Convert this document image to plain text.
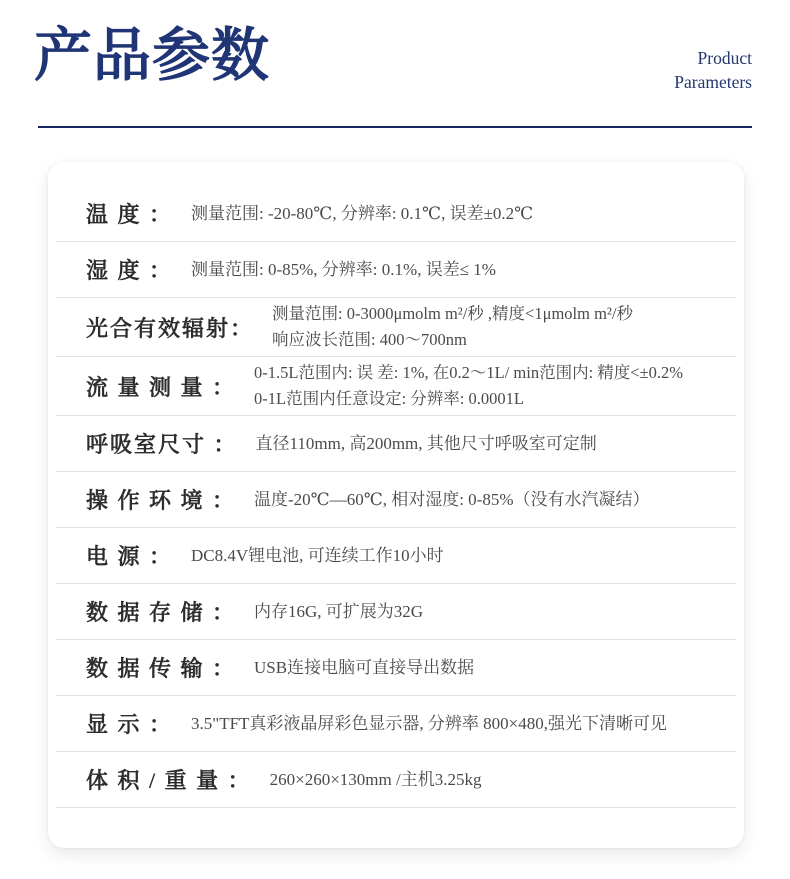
产品参数	Product
Parameters
温 度 ： 测量范围: -20-80℃, 分辨率: 0.1℃, 误差±0.2℃
湿 度 ： 测量范围: 0-85%, 分辨率: 0.1%, 误差≤ 1%
光合有效辐射：
测量范围: 0-3000μmolm m²/秒 ,精度<1μmolm m²/秒
响应波长范围: 400～700nm
流 量 测 量 ：
0-1.5L范围内: 误 差: 1%, 在0.2～1L/ min范围内: 精度<±0.2%
0-1L范围内任意设定: 分辨率: 0.0001L
呼吸室尺寸 ： 直径110mm, 高200mm, 其他尺寸呼吸室可定制
操 作 环 境 ： 温度-20℃—60℃, 相对湿度: 0-85%（没有水汽凝结）
电 源 ： DC8.4V锂电池, 可连续工作10小时
数 据 存 储 ： 内存16G, 可扩展为32G
数 据 传 输 ： USB连接电脑可直接导出数据
显 示 ： 3.5"TFT真彩液晶屏彩色显示器, 分辨率 800×480,强光下清晰可见
体 积 / 重 量 ： 260×260×130mm /主机3.25kg
